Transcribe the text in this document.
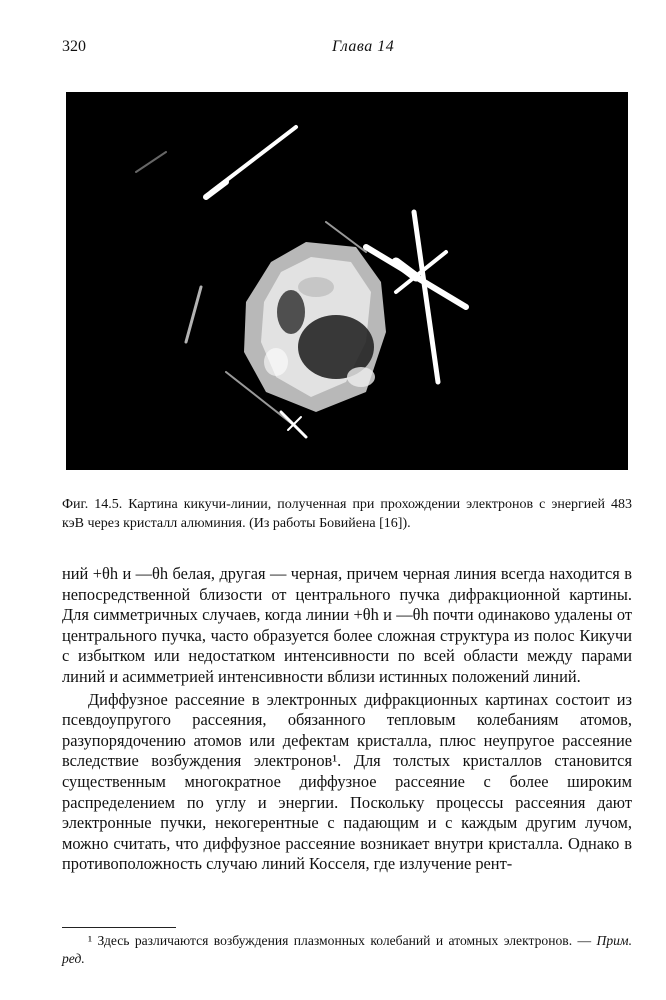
320	Глава 14
Фиг. 14.5. Картина кикучи-линии, полученная при прохождении электронов с энергией 483 кэВ через кристалл алюминия. (Из работы Бовийена [16]).

ний +θh и —θh белая, другая — черная, причем черная линия всегда находится в непосредственной близости от центрального пучка дифракционной картины. Для симметричных случаев, когда линии +θh и —θh почти одинаково удалены от центрального пучка, часто образуется более сложная структура из полос Кикучи с избытком или недостатком интенсивности по всей области между парами линий и асимметрией интенсивности вблизи истинных положений линий.

Диффузное рассеяние в электронных дифракционных картинах состоит из псевдоупругого рассеяния, обязанного тепловым колебаниям атомов, разупорядочению атомов или дефектам кристалла, плюс неупругое рассеяние вследствие возбуждения электронов¹. Для толстых кристаллов становится существенным многократное диффузное рассеяние с более широким распределением по углу и энергии. Поскольку процессы рассеяния дают электронные пучки, некогерентные с падающим и с каждым другим лучом, можно считать, что диффузное рассеяние возникает внутри кристалла. Однако в противоположность случаю линий Косселя, где излучение рент-

¹ Здесь различаются возбуждения плазмонных колебаний и атомных электронов. — Прим. ред.
